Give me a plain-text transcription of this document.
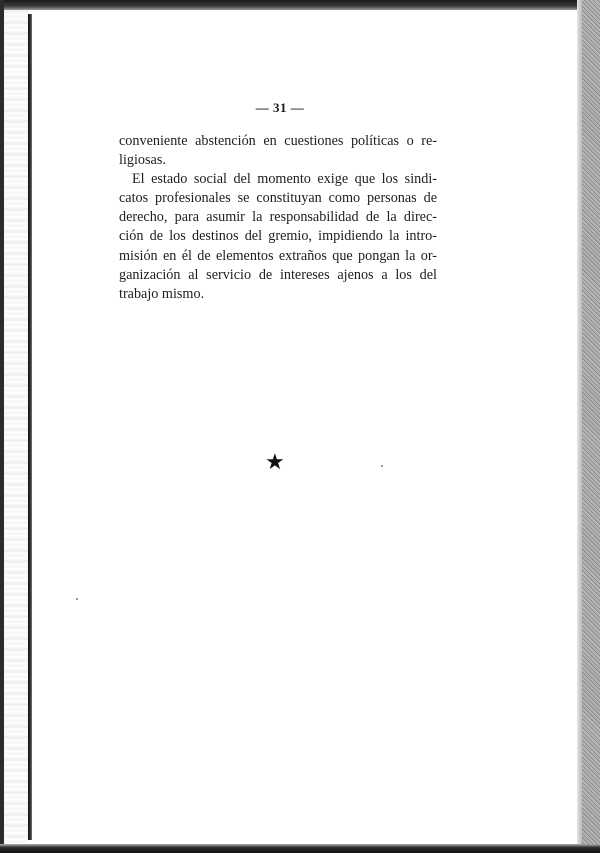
— 31 —
conveniente abstención en cuestiones políticas o re-
ligiosas.
El estado social del momento exige que los sindi-
catos profesionales se constituyan como personas de
derecho, para asumir la responsabilidad de la direc-
ción de los destinos del gremio, impidiendo la intro-
misión en él de elementos extraños que pongan la or-
ganización al servicio de intereses ajenos a los del
trabajo mismo.
★
